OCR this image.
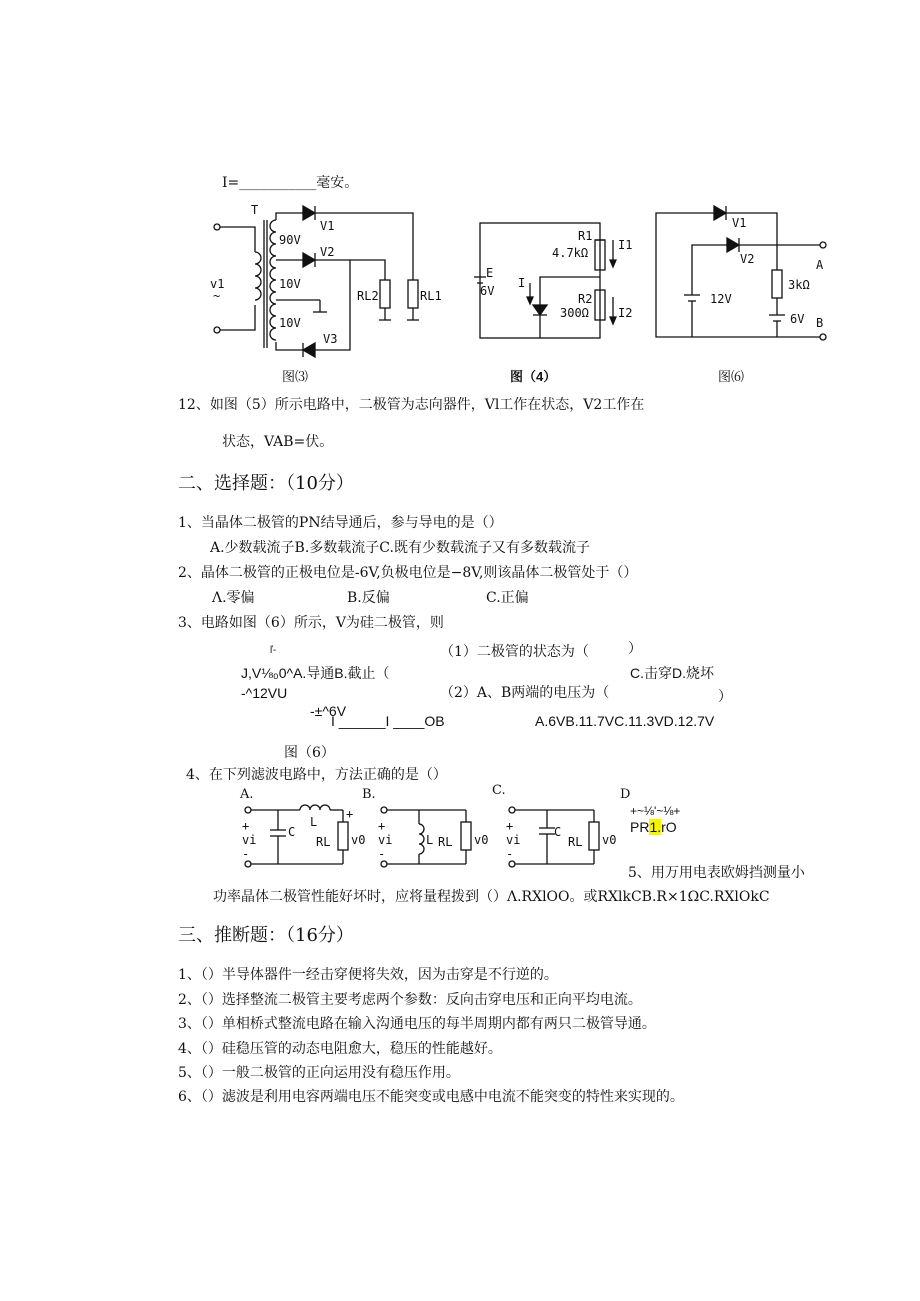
I=___________毫安。
T
V1
V2
90V
10V
10V
V3
v1
~	RL2	RL1
图⑶
E
6V
R1
4.7kΩ
I1
R2
300Ω I2
I
图（4）
V1
V2	A
B
12V
3kΩ
6V
图⑹
12、如图（5）所示电路中，二极管为志向器件，Vl工作在状态，V2工作在
状态，VAB=伏。
二、选择题：（10分）
1、当晶体二极管的PN结导通后，参与导电的是（）
A.少数载流子B.多数载流子C.既有少数载流子又有多数载流子
2、晶体二极管的正极电位是-6V,负极电位是−8V,则该晶体二极管处于（）
Λ.零偏	B.反偏	C.正偏
3、电路如图（6）所示，V为硅二极管，则
ľ-	（1）二极管的状态为（	）
J,V⅛₀0^A.导通B.截止（	C.击穿D.烧坏
-^12VU	（2）A、B两端的电压为（	）
-±^6V
I ______I ____OB	A.6VB.11.7VC.11.3VD.12.7V
图（6）
4、在下列滤波电路中，方法正确的是（）
A.
L
C
RL
vi
+
-
v0
+
B.
L RL
vi
+
-
v0
C.
C
RL
vi
+
-
v0
D
+~⅛'~⅛+
PR1.rO
5、用万用电表欧姆挡测量小
功率晶体二极管性能好坏时，应将量程拨到（）Λ.RXlOO。或RXlkCB.R×1ΩC.RXlOkC
三、推断题：（16分）
1、（）半导体器件一经击穿便将失效，因为击穿是不行逆的。
2、（）选择整流二极管主要考虑两个参数：反向击穿电压和正向平均电流。
3、（）单相桥式整流电路在输入沟通电压的每半周期内都有两只二极管导通。
4、（）硅稳压管的动态电阻愈大，稳压的性能越好。
5、（）一般二极管的正向运用没有稳压作用。
6、（）滤波是利用电容两端电压不能突变或电感中电流不能突变的特性来实现的。
